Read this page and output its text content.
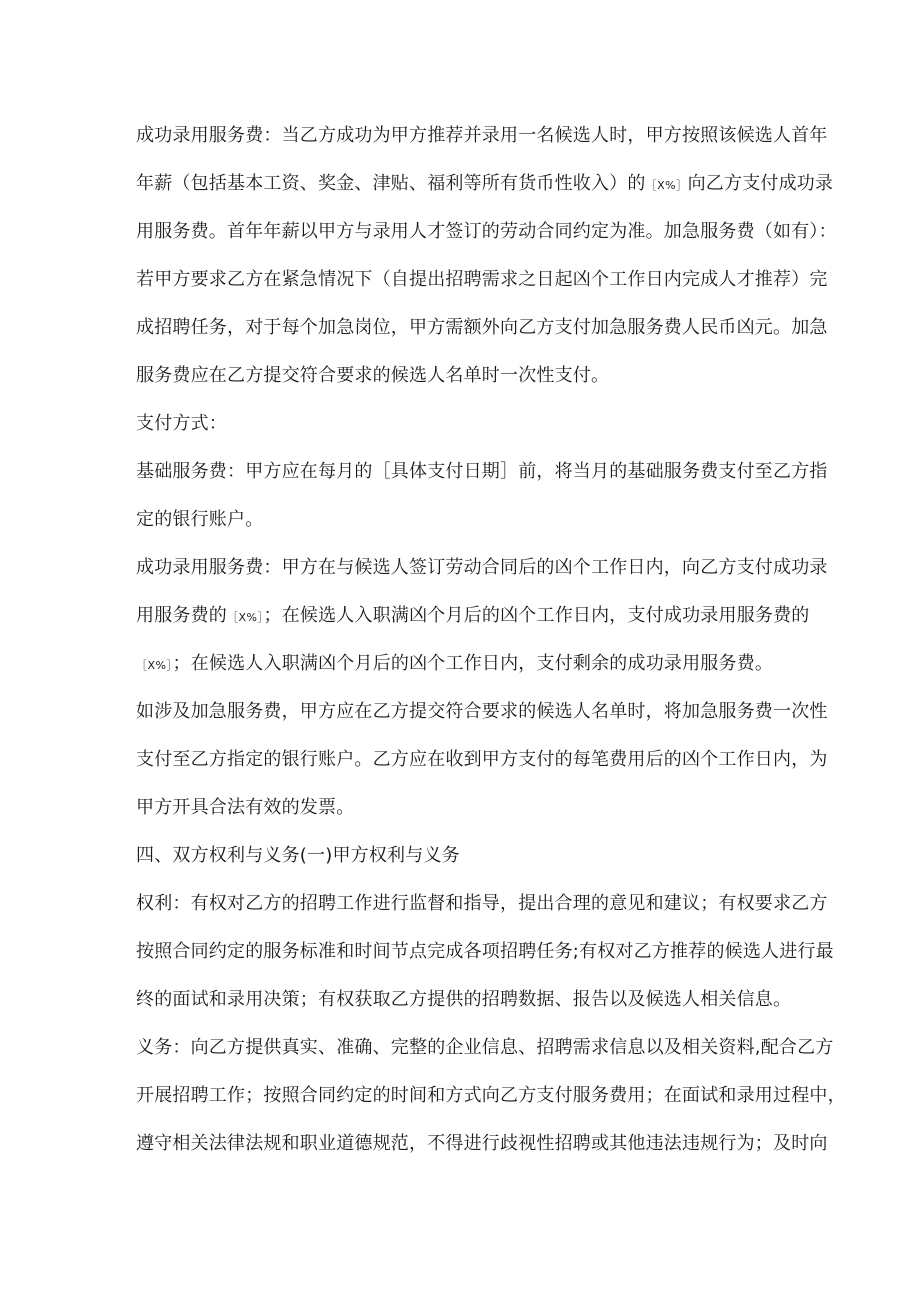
成功录用服务费：当乙方成功为甲方推荐并录用一名候选人时，甲方按照该候选人首年
年薪（包括基本工资、奖金、津贴、福利等所有货币性收入）的［X%］向乙方支付成功录
用服务费。首年年薪以甲方与录用人才签订的劳动合同约定为准。加急服务费（如有）：
若甲方要求乙方在紧急情况下（自提出招聘需求之日起凶个工作日内完成人才推荐）完
成招聘任务，对于每个加急岗位，甲方需额外向乙方支付加急服务费人民币凶元。加急
服务费应在乙方提交符合要求的候选人名单时一次性支付。
支付方式：
基础服务费：甲方应在每月的［具体支付日期］前，将当月的基础服务费支付至乙方指
定的银行账户。
成功录用服务费：甲方在与候选人签订劳动合同后的凶个工作日内，向乙方支付成功录
用服务费的［X%］；在候选人入职满凶个月后的凶个工作日内，支付成功录用服务费的
［X%］；在候选人入职满凶个月后的凶个工作日内，支付剩余的成功录用服务费。
如涉及加急服务费，甲方应在乙方提交符合要求的候选人名单时，将加急服务费一次性
支付至乙方指定的银行账户。乙方应在收到甲方支付的每笔费用后的凶个工作日内，为
甲方开具合法有效的发票。
四、双方权利与义务(一)甲方权利与义务
权利：有权对乙方的招聘工作进行监督和指导，提出合理的意见和建议；有权要求乙方
按照合同约定的服务标准和时间节点完成各项招聘任务;有权对乙方推荐的候选人进行最
终的面试和录用决策；有权获取乙方提供的招聘数据、报告以及候选人相关信息。
义务：向乙方提供真实、准确、完整的企业信息、招聘需求信息以及相关资料,配合乙方
开展招聘工作；按照合同约定的时间和方式向乙方支付服务费用；在面试和录用过程中，
遵守相关法律法规和职业道德规范，不得进行歧视性招聘或其他违法违规行为；及时向
